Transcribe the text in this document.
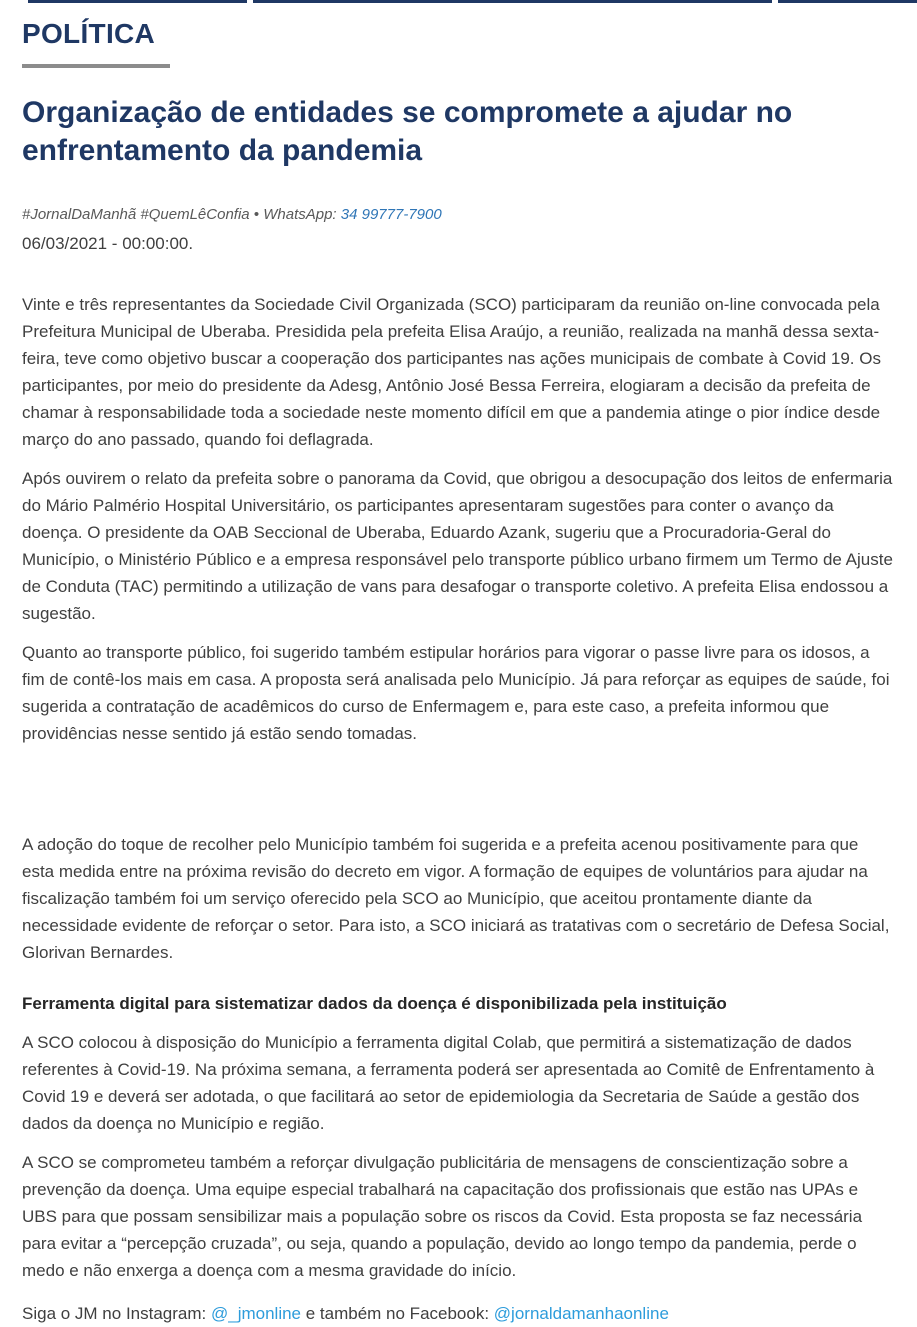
POLÍTICA
Organização de entidades se compromete a ajudar no enfrentamento da pandemia
#JornalDaManhã #QuemLêConfia • WhatsApp: 34 99777-7900
06/03/2021 - 00:00:00.

Vinte e três representantes da Sociedade Civil Organizada (SCO) participaram da reunião on-line convocada pela Prefeitura Municipal de Uberaba. Presidida pela prefeita Elisa Araújo, a reunião, realizada na manhã dessa sexta-feira, teve como objetivo buscar a cooperação dos participantes nas ações municipais de combate à Covid 19. Os participantes, por meio do presidente da Adesg, Antônio José Bessa Ferreira, elogiaram a decisão da prefeita de chamar à responsabilidade toda a sociedade neste momento difícil em que a pandemia atinge o pior índice desde março do ano passado, quando foi deflagrada.

Após ouvirem o relato da prefeita sobre o panorama da Covid, que obrigou a desocupação dos leitos de enfermaria do Mário Palmério Hospital Universitário, os participantes apresentaram sugestões para conter o avanço da doença. O presidente da OAB Seccional de Uberaba, Eduardo Azank, sugeriu que a Procuradoria-Geral do Município, o Ministério Público e a empresa responsável pelo transporte público urbano firmem um Termo de Ajuste de Conduta (TAC) permitindo a utilização de vans para desafogar o transporte coletivo. A prefeita Elisa endossou a sugestão.

Quanto ao transporte público, foi sugerido também estipular horários para vigorar o passe livre para os idosos, a fim de contê-los mais em casa. A proposta será analisada pelo Município. Já para reforçar as equipes de saúde, foi sugerida a contratação de acadêmicos do curso de Enfermagem e, para este caso, a prefeita informou que providências nesse sentido já estão sendo tomadas.

A adoção do toque de recolher pelo Município também foi sugerida e a prefeita acenou positivamente para que esta medida entre na próxima revisão do decreto em vigor. A formação de equipes de voluntários para ajudar na fiscalização também foi um serviço oferecido pela SCO ao Município, que aceitou prontamente diante da necessidade evidente de reforçar o setor. Para isto, a SCO iniciará as tratativas com o secretário de Defesa Social, Glorivan Bernardes.

Ferramenta digital para sistematizar dados da doença é disponibilizada pela instituição

A SCO colocou à disposição do Município a ferramenta digital Colab, que permitirá a sistematização de dados referentes à Covid-19. Na próxima semana, a ferramenta poderá ser apresentada ao Comitê de Enfrentamento à Covid 19 e deverá ser adotada, o que facilitará ao setor de epidemiologia da Secretaria de Saúde a gestão dos dados da doença no Município e região.

A SCO se comprometeu também a reforçar divulgação publicitária de mensagens de conscientização sobre a prevenção da doença. Uma equipe especial trabalhará na capacitação dos profissionais que estão nas UPAs e UBS para que possam sensibilizar mais a população sobre os riscos da Covid. Esta proposta se faz necessária para evitar a “percepção cruzada”, ou seja, quando a população, devido ao longo tempo da pandemia, perde o medo e não enxerga a doença com a mesma gravidade do início.

Siga o JM no Instagram: @_jmonline e também no Facebook: @jornaldamanhaonline
